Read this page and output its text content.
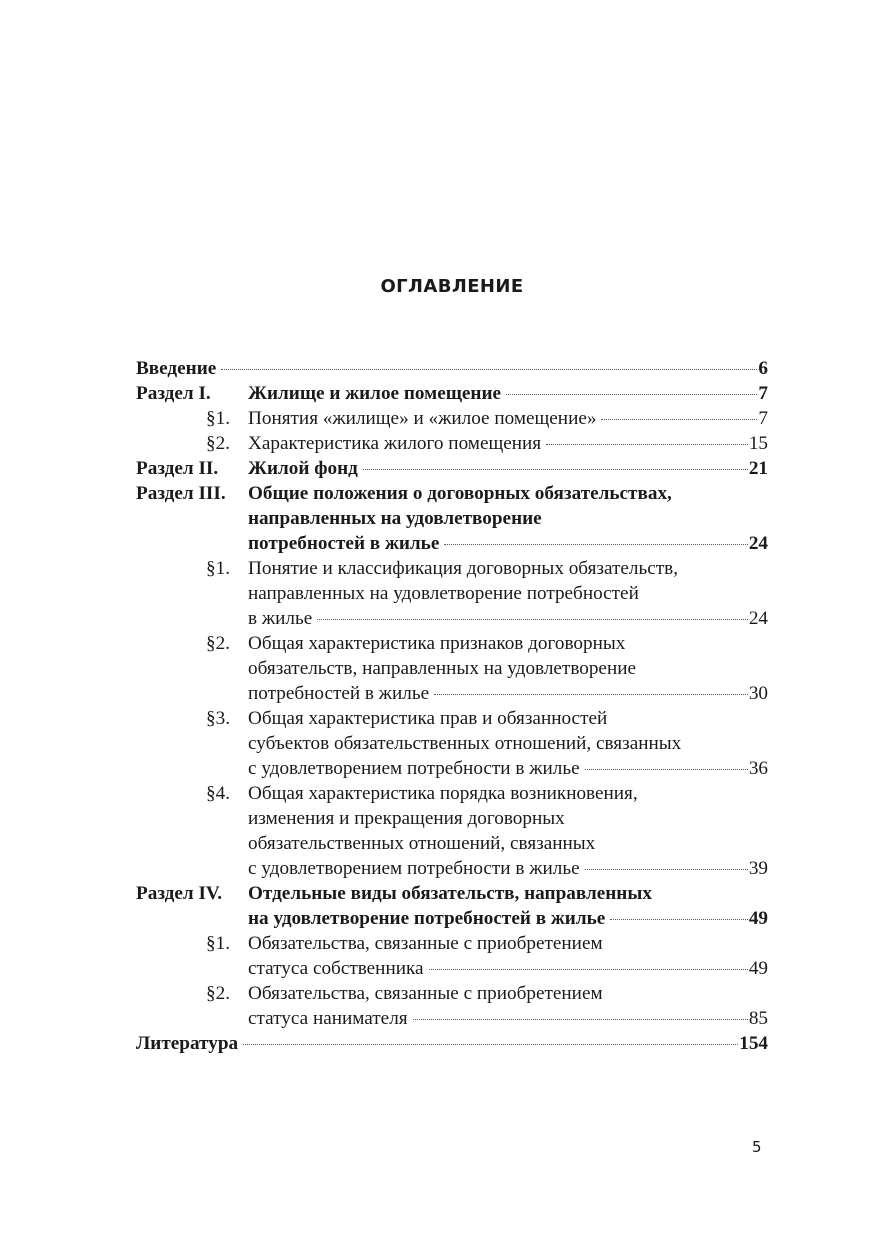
ОГЛАВЛЕНИЕ
Введение	6
Раздел I.	Жилище и жилое помещение	7
§1. Понятия «жилище» и «жилое помещение»	7
§2. Характеристика жилого помещения	15
Раздел II.	Жилой фонд	21
Раздел III.	Общие положения о договорных обязательствах,
направленных на удовлетворение
потребностей в жилье	24
§1. Понятие и классификация договорных обязательств,
направленных на удовлетворение потребностей
в жилье	24
§2. Общая характеристика признаков договорных
обязательств, направленных на удовлетворение
потребностей в жилье	30
§3. Общая характеристика прав и обязанностей
субъектов обязательственных отношений, связанных
с удовлетворением потребности в жилье	36
§4. Общая характеристика порядка возникновения,
изменения и прекращения договорных
обязательственных отношений, связанных
с удовлетворением потребности в жилье	39
Раздел IV.	Отдельные виды обязательств, направленных
на удовлетворение потребностей в жилье	49
§1. Обязательства, связанные с приобретением
статуса собственника	49
§2. Обязательства, связанные с приобретением
статуса нанимателя	85
Литература	154
5
